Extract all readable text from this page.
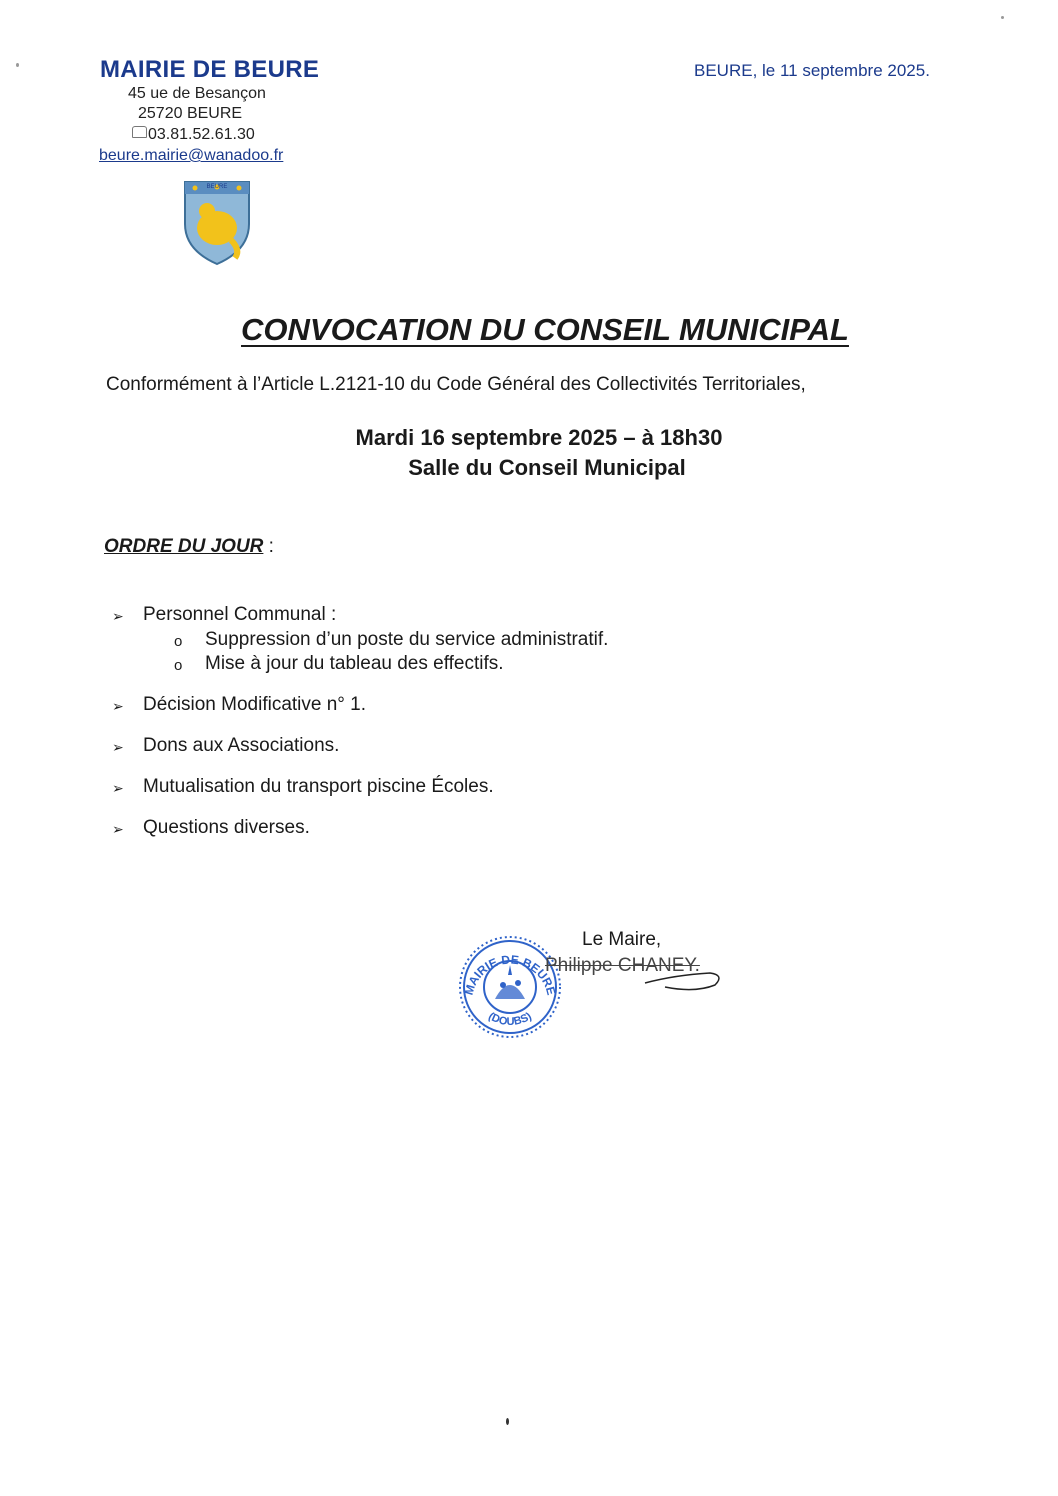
MAIRIE DE BEURE
45 ue de Besançon
25720 BEURE
03.81.52.61.30
beure.mairie@wanadoo.fr
BEURE
BEURE, le 11 septembre 2025.
CONVOCATION DU CONSEIL MUNICIPAL
Conformément à l’Article L.2121-10 du Code Général des Collectivités Territoriales,
Mardi 16 septembre 2025 – à 18h30
Salle du Conseil Municipal
ORDRE DU JOUR :
➢ Personnel Communal :
o Suppression d’un poste du service administratif.
o Mise à jour du tableau des effectifs.
➢ Décision Modificative n° 1.
➢ Dons aux Associations.
➢ Mutualisation du transport piscine Écoles.
➢ Questions diverses.
MAIRIE DE BEURE
(DOUBS)
Le Maire,
Philippe CHANEY.
